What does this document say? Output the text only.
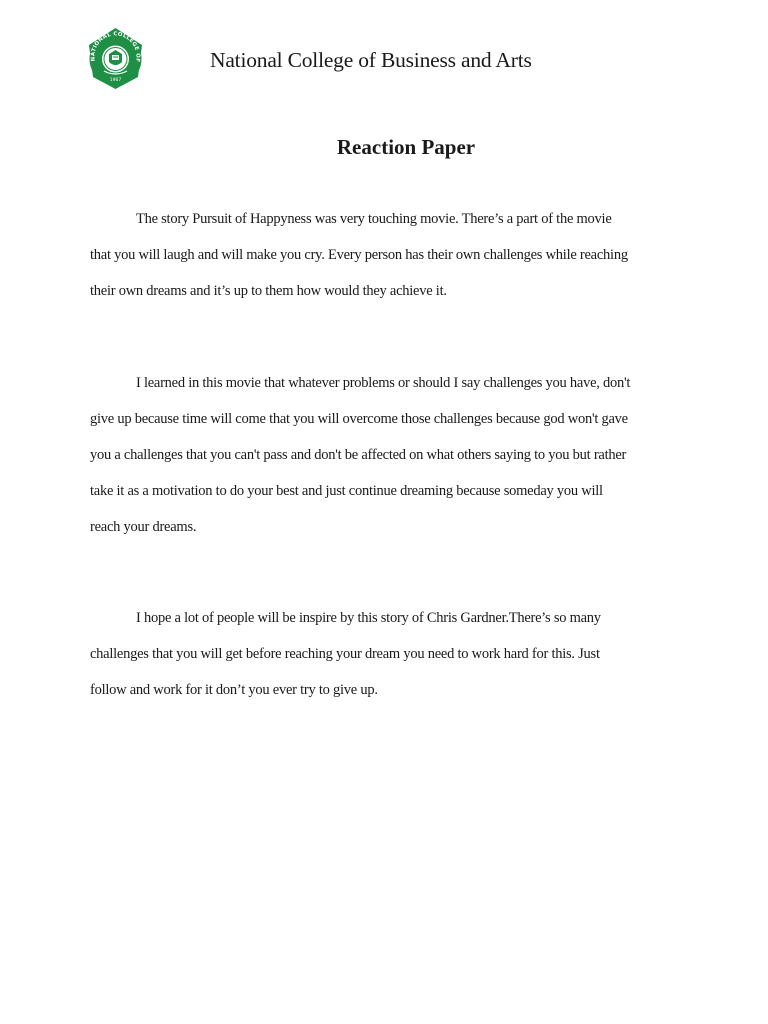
NATIONAL COLLEGE OF
1967
National College of Business and Arts
Reaction Paper

The story Pursuit of Happyness was very touching movie. There’s a part of the movie
that you will laugh and will make you cry. Every person has their own challenges while reaching
their own dreams and it’s up to them how would they achieve it.

I learned in this movie that whatever problems or should I say challenges you have, don't
give up because time will come that you will overcome those challenges because god won't gave
you a challenges that you can't pass and don't be affected on what others saying to you but rather
take it as a motivation to do your best and just continue dreaming because someday you will
reach your dreams.

I hope a lot of people will be inspire by this story of Chris Gardner.There’s so many
challenges that you will get before reaching your dream you need to work hard for this. Just
follow and work for it don’t you ever try to give up.
